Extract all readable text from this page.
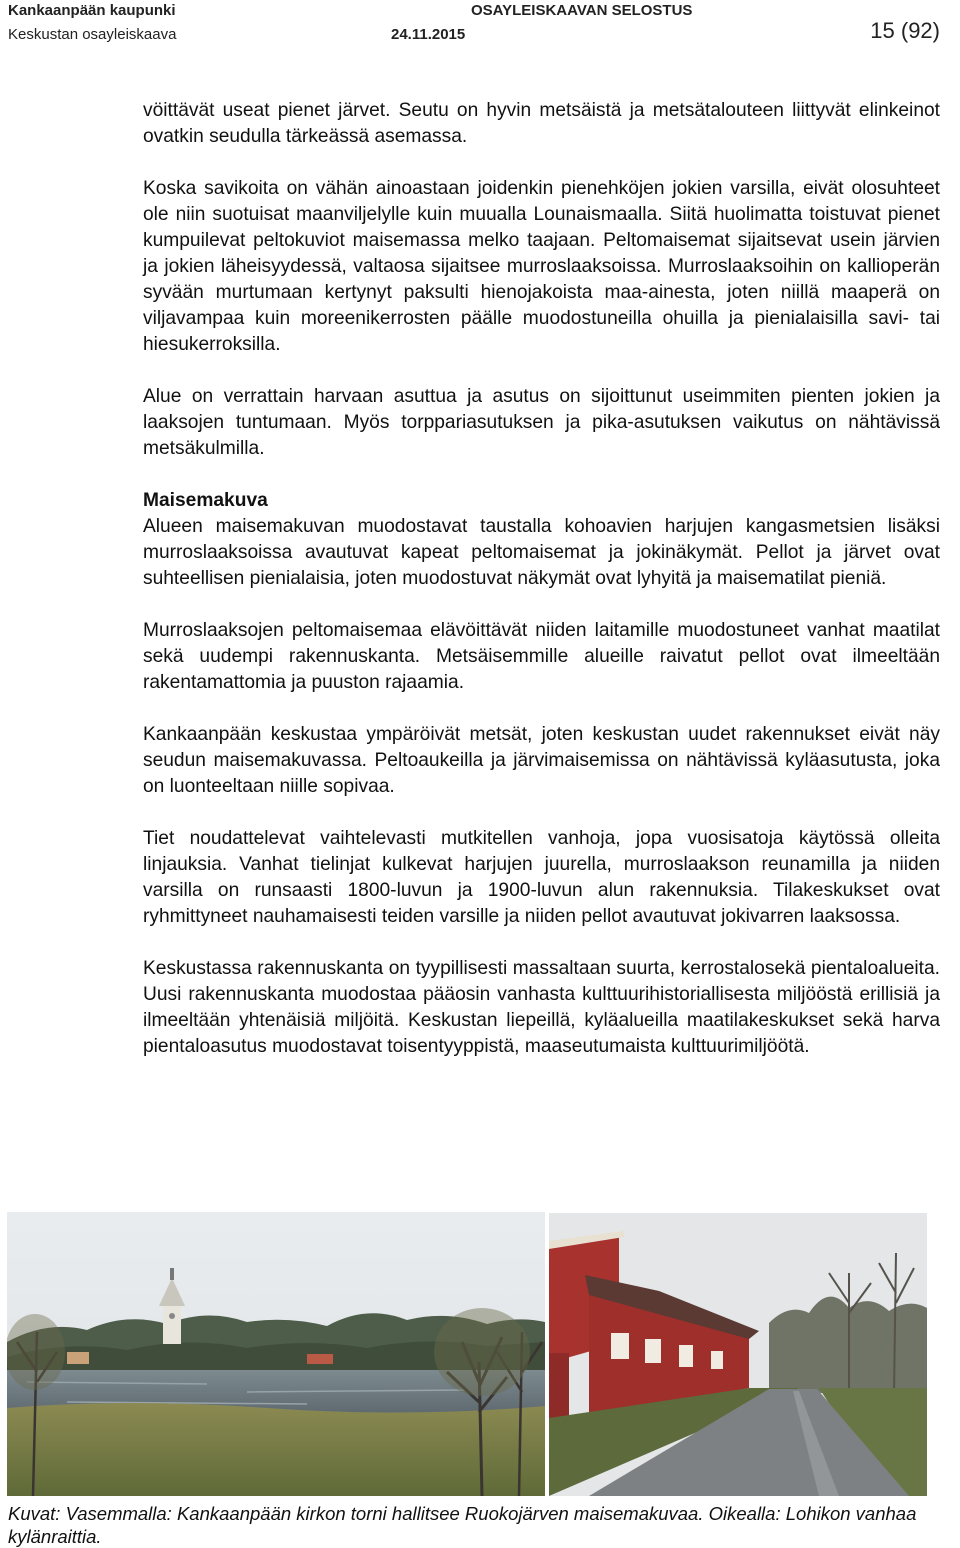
Kankaanpään kaupunki
Keskustan osayleiskaava
OSAYLEISKAAVAN SELOSTUS
24.11.2015	15 (92)

vöittävät useat pienet järvet. Seutu on hyvin metsäistä ja metsätalouteen liittyvät elinkeinot ovatkin seudulla tärkeässä asemassa.

Koska savikoita on vähän ainoastaan joidenkin pienehköjen jokien varsilla, eivät olosuhteet ole niin suotuisat maanviljelylle kuin muualla Lounaismaalla. Siitä huolimatta toistuvat pienet kumpuilevat peltokuviot maisemassa melko taajaan. Peltomaisemat sijaitsevat usein järvien ja jokien läheisyydessä, valtaosa sijaitsee murroslaaksoissa. Murroslaaksoihin on kallioperän syvään murtumaan kertynyt paksulti hienojakoista maa-ainesta, joten niillä maaperä on viljavampaa kuin moreenikerrosten päälle muodostuneilla ohuilla ja pienialaisilla savi- tai hiesukerroksilla.

Alue on verrattain harvaan asuttua ja asutus on sijoittunut useimmiten pienten jokien ja laaksojen tuntumaan. Myös torppariasutuksen ja pika-asutuksen vaikutus on nähtävissä metsäkulmilla.

Maisemakuva

Alueen maisemakuvan muodostavat taustalla kohoavien harjujen kangasmetsien lisäksi murroslaaksoissa avautuvat kapeat peltomaisemat ja jokinäkymät. Pellot ja järvet ovat suhteellisen pienialaisia, joten muodostuvat näkymät ovat lyhyitä ja maisematilat pieniä.

Murroslaaksojen peltomaisemaa elävöittävät niiden laitamille muodostuneet vanhat maatilat sekä uudempi rakennuskanta. Metsäisemmille alueille raivatut pellot ovat ilmeeltään rakentamattomia ja puuston rajaamia.

Kankaanpään keskustaa ympäröivät metsät, joten keskustan uudet rakennukset eivät näy seudun maisemakuvassa. Peltoaukeilla ja järvimaisemissa on nähtävissä kyläasutusta, joka on luonteeltaan niille sopivaa.

Tiet noudattelevat vaihtelevasti mutkitellen vanhoja, jopa vuosisatoja käytössä olleita linjauksia. Vanhat tielinjat kulkevat harjujen juurella, murroslaakson reunamilla ja niiden varsilla on runsaasti 1800-luvun ja 1900-luvun alun rakennuksia. Tilakeskukset ovat ryhmittyneet nauhamaisesti teiden varsille ja niiden pellot avautuvat jokivarren laaksossa.

Keskustassa rakennuskanta on tyypillisesti massaltaan suurta, kerrostalosekä pientaloalueita. Uusi rakennuskanta muodostaa pääosin vanhasta kulttuurihistoriallisesta miljööstä erillisiä ja ilmeeltään yhtenäisiä miljöitä. Keskustan liepeillä, kyläalueilla maatilakeskukset sekä harva pientaloasutus muodostavat toisentyyppistä, maaseutumaista kulttuurimiljöötä.

Kuvat: Vasemmalla: Kankaanpään kirkon torni hallitsee Ruokojärven maisemakuvaa. Oikealla: Lohikon vanhaa kylänraittia.
